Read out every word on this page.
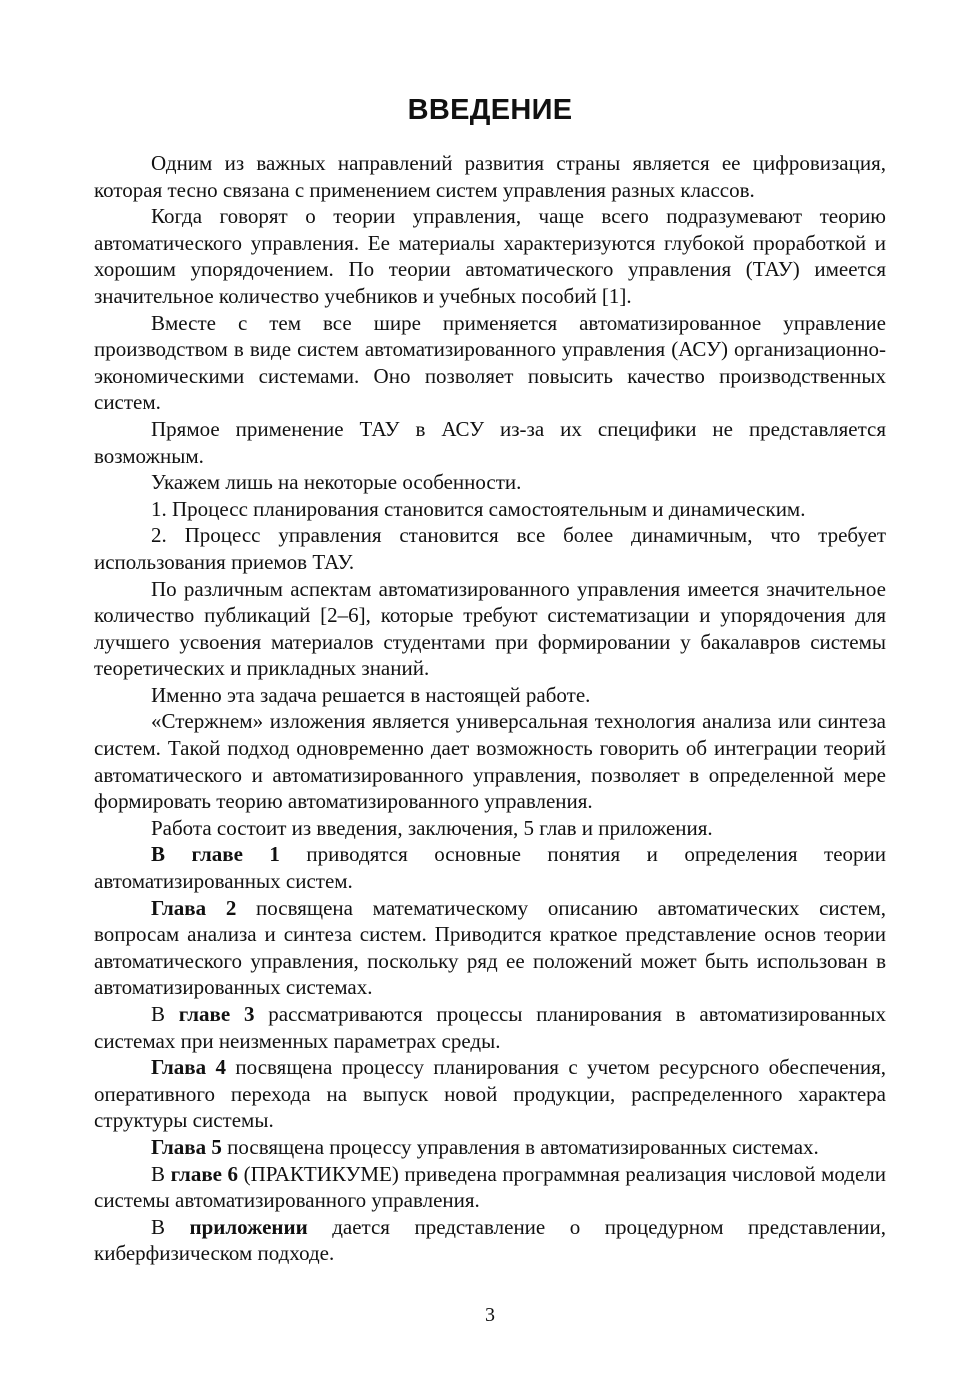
ВВЕДЕНИЕ

Одним из важных направлений развития страны является ее цифровизация, которая тесно связана с применением систем управления разных классов.

Когда говорят о теории управления, чаще всего подразумевают теорию автоматического управления. Ее материалы характеризуются глубокой проработкой и хорошим упорядочением. По теории автоматического управления (ТАУ) имеется значительное количество учебников и учебных пособий [1].

Вместе с тем все шире применяется автоматизированное управление производством в виде систем автоматизированного управления (АСУ) организационно-экономическими системами. Оно позволяет повысить качество производственных систем.

Прямое применение ТАУ в АСУ из-за их специфики не представляется возможным.

Укажем лишь на некоторые особенности.

1. Процесс планирования становится самостоятельным и динамическим.

2. Процесс управления становится все более динамичным, что требует использования приемов ТАУ.

По различным аспектам автоматизированного управления имеется значительное количество публикаций [2–6], которые требуют систематизации и упорядочения для лучшего усвоения материалов студентами при формировании у бакалавров системы теоретических и прикладных знаний.

Именно эта задача решается в настоящей работе.

«Стержнем» изложения является универсальная технология анализа или синтеза систем. Такой подход одновременно дает возможность говорить об интеграции теорий автоматического и автоматизированного управления, позволяет в определенной мере формировать теорию автоматизированного управления.

Работа состоит из введения, заключения, 5 глав и приложения.

В главе 1 приводятся основные понятия и определения теории автоматизированных систем.

Глава 2 посвящена математическому описанию автоматических систем, вопросам анализа и синтеза систем. Приводится краткое представление основ теории автоматического управления, поскольку ряд ее положений может быть использован в автоматизированных системах.

В главе 3 рассматриваются процессы планирования в автоматизированных системах при неизменных параметрах среды.

Глава 4 посвящена процессу планирования с учетом ресурсного обеспечения, оперативного перехода на выпуск новой продукции, распределенного характера структуры системы.

Глава 5 посвящена процессу управления в автоматизированных системах.

В главе 6 (ПРАКТИКУМЕ) приведена программная реализация числовой модели системы автоматизированного управления.

В приложении дается представление о процедурном представлении, киберфизическом подходе.

3
